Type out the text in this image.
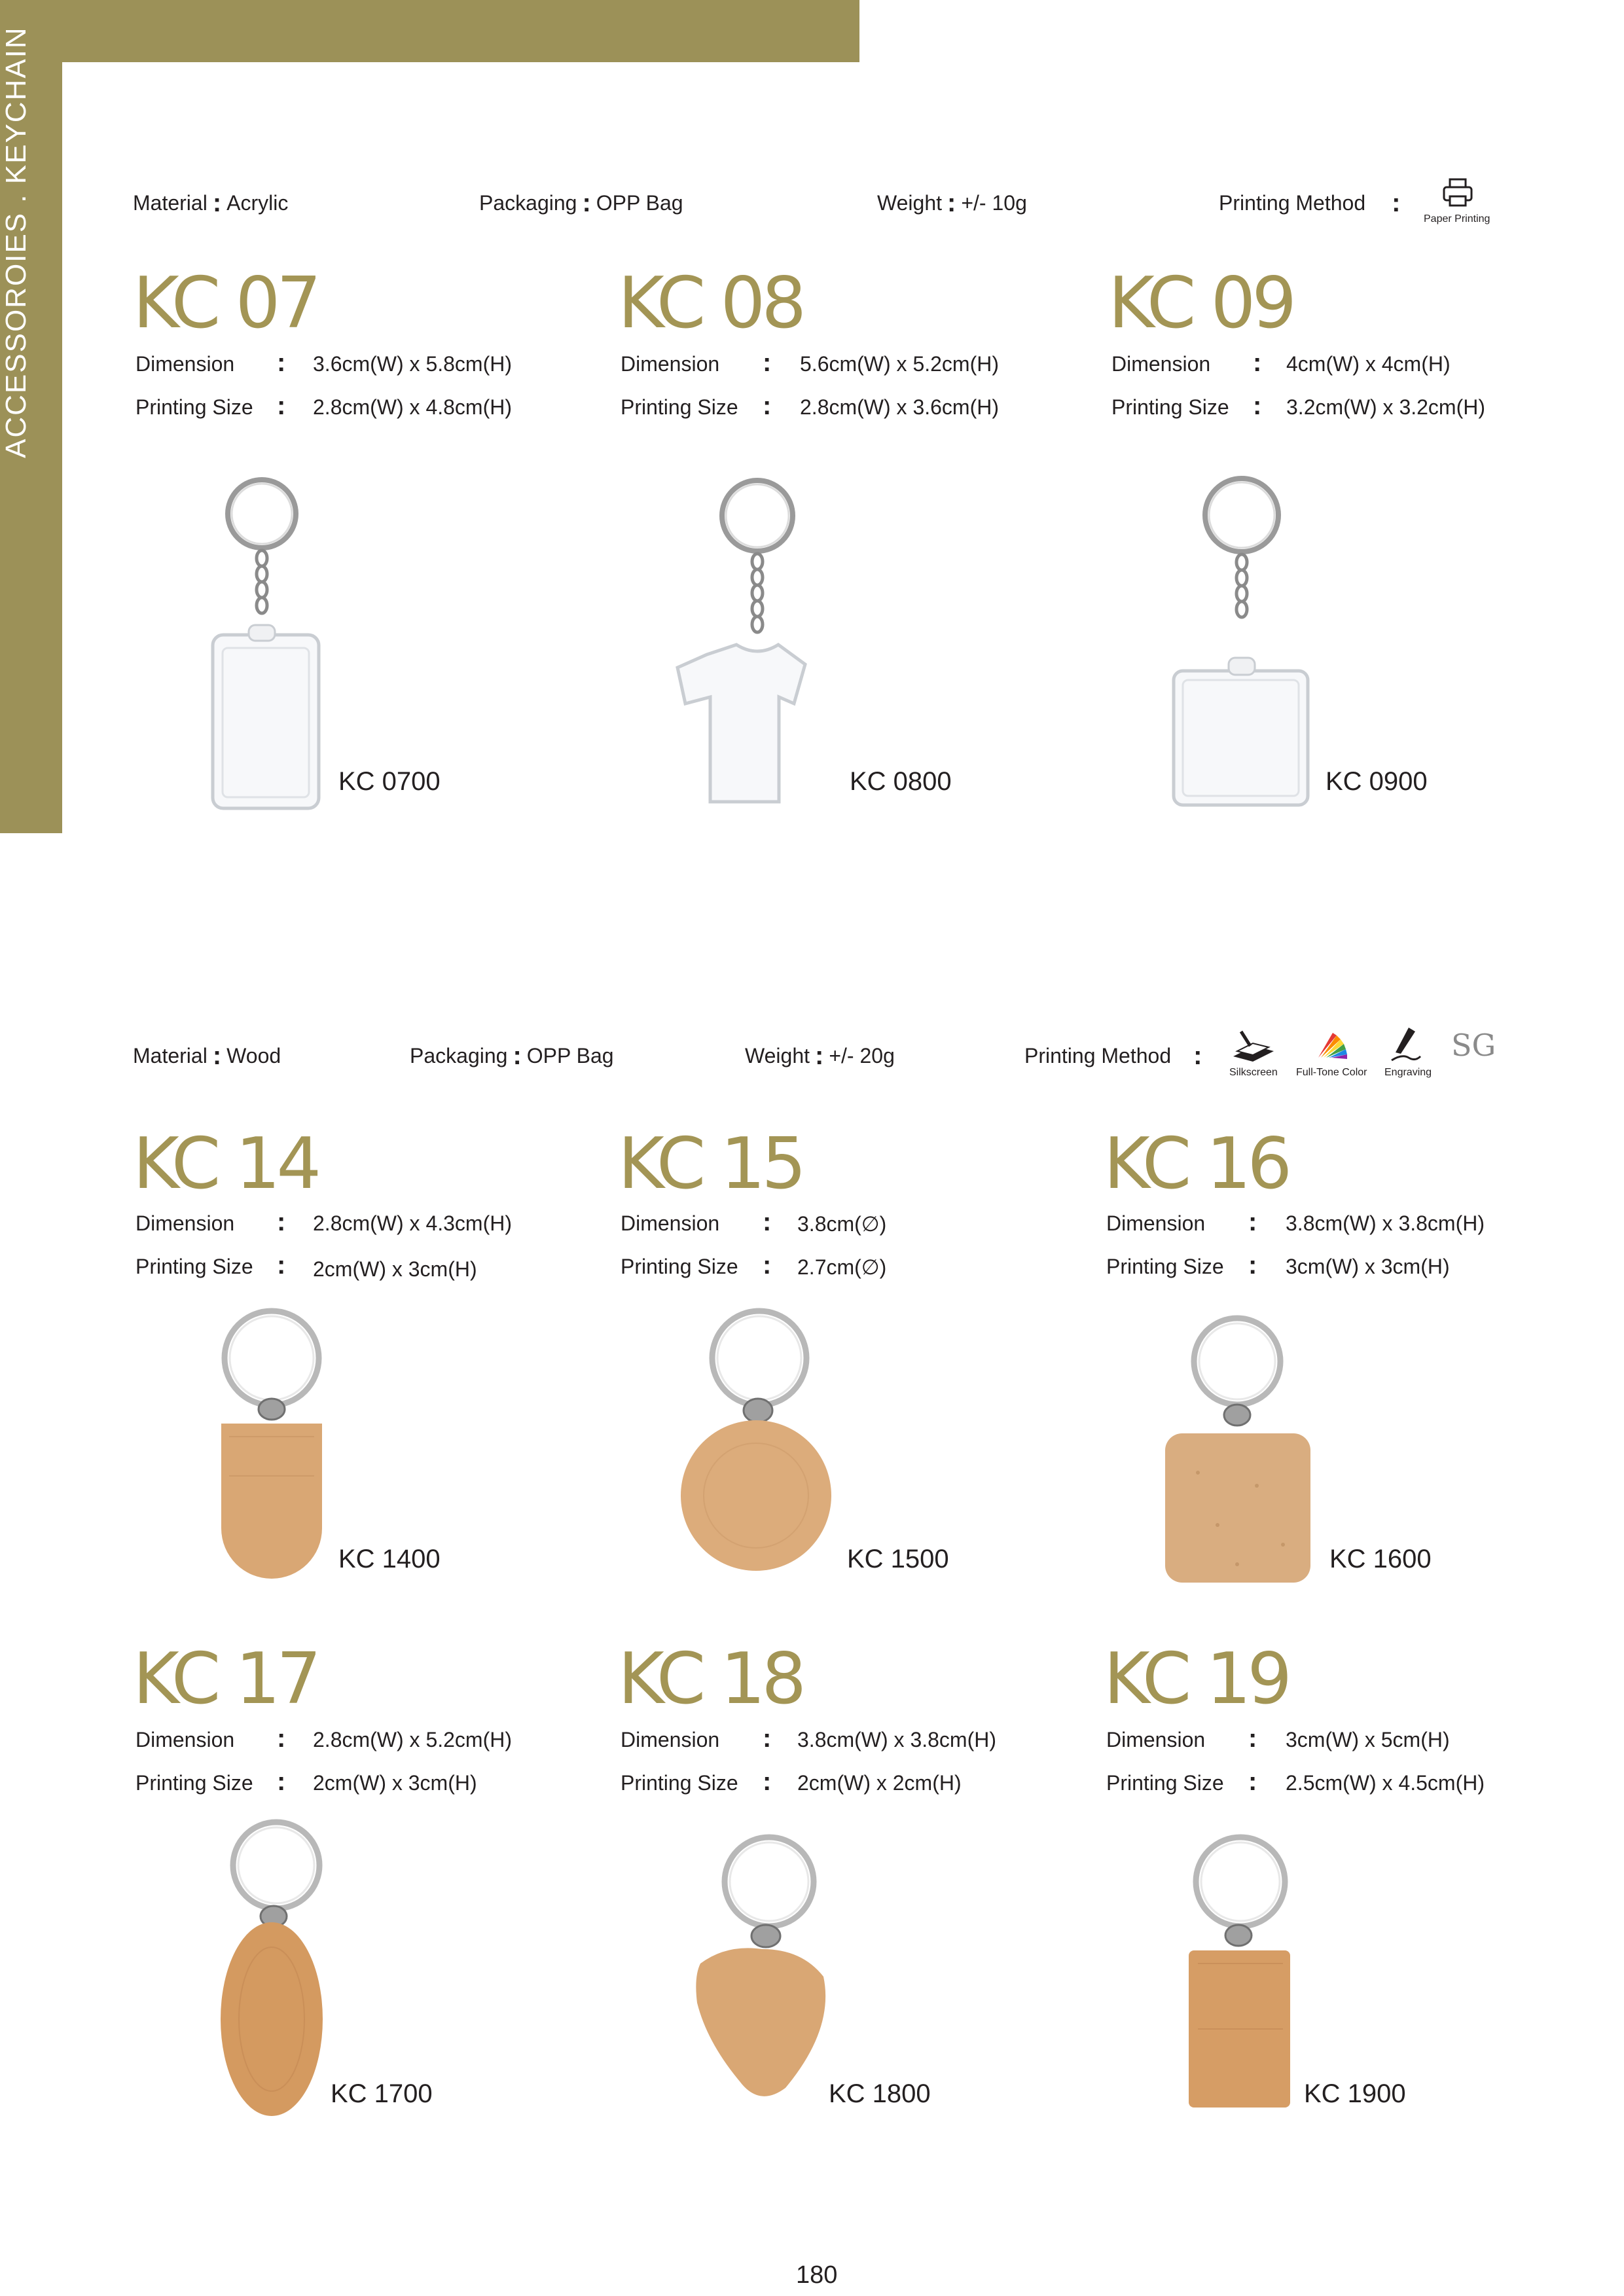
ACCESSOROIES . KEYCHAIN	Material : Acrylic	Packaging : OPP Bag	Weight : +/- 10g	Printing Method :
Paper Printing
KC 07
Dimension : 3.6cm(W) x 5.8cm(H)
Printing Size : 2.8cm(W) x 4.8cm(H)
KC 0700
KC 08
Dimension : 5.6cm(W) x 5.2cm(H)
Printing Size : 2.8cm(W) x 3.6cm(H)
KC 0800
KC 09
Dimension : 4cm(W) x 4cm(H)
Printing Size : 3.2cm(W) x 3.2cm(H)
KC 0900
Material : Wood	Packaging : OPP Bag	Weight : +/- 20g	Printing Method :
Silkscreen Full-Tone Color Engraving
SG
KC 14
Dimension : 2.8cm(W) x 4.3cm(H)
Printing Size : 2cm(W) x 3cm(H)
KC 1400
KC 15
Dimension : 3.8cm(∅)
Printing Size : 2.7cm(∅)
KC 1500
KC 16
Dimension : 3.8cm(W) x 3.8cm(H)
Printing Size : 3cm(W) x 3cm(H)
KC 1600
KC 17
Dimension : 2.8cm(W) x 5.2cm(H)
Printing Size : 2cm(W) x 3cm(H)
KC 1700
KC 18
Dimension : 3.8cm(W) x 3.8cm(H)
Printing Size : 2cm(W) x 2cm(H)
KC 1800
KC 19
Dimension : 3cm(W) x 5cm(H)
Printing Size : 2.5cm(W) x 4.5cm(H)
KC 1900
180
